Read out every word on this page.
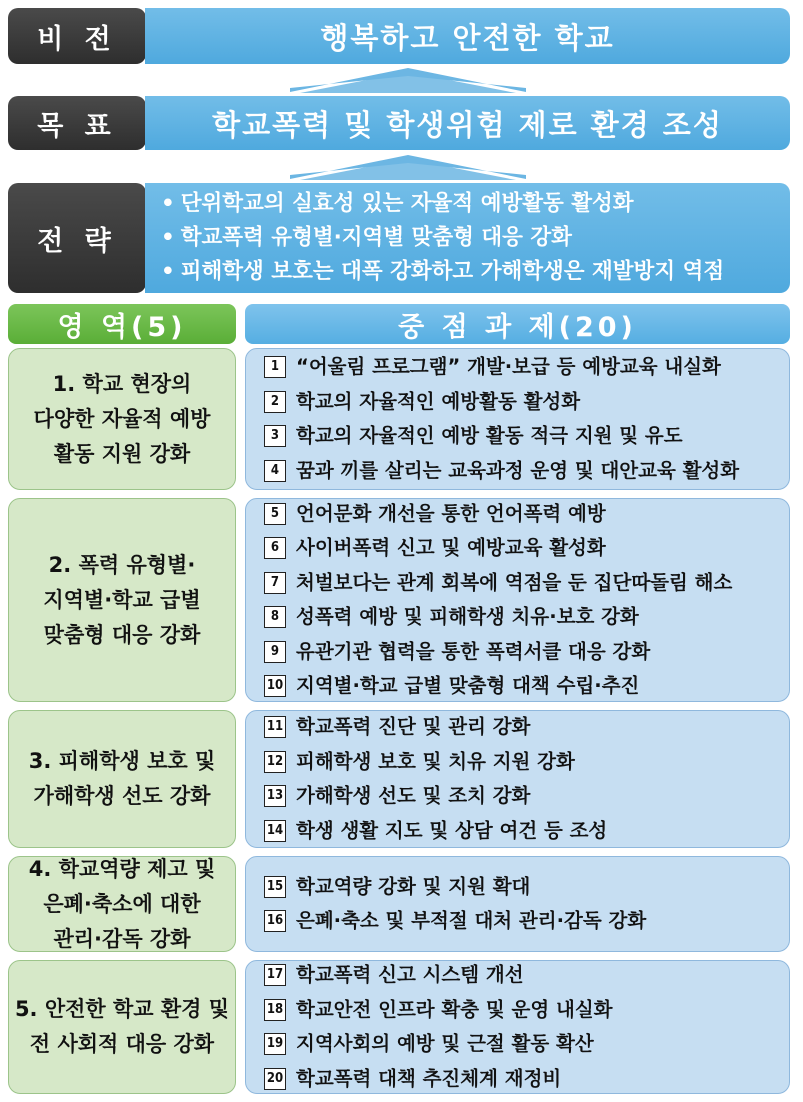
비 전	행복하고 안전한 학교
목 표	학교폭력 및 학생위험 제로 환경 조성
전 략
• 단위학교의 실효성 있는 자율적 예방활동 활성화
• 학교폭력 유형별·지역별 맞춤형 대응 강화
• 피해학생 보호는 대폭 강화하고 가해학생은 재발방지 역점
영 역(5)	중 점 과 제(20)
1. 학교 현장의
다양한 자율적 예방
활동 지원 강화
1 “어울림 프로그램” 개발·보급 등 예방교육 내실화
2 학교의 자율적인 예방활동 활성화
3 학교의 자율적인 예방 활동 적극 지원 및 유도
4 꿈과 끼를 살리는 교육과정 운영 및 대안교육 활성화
2. 폭력 유형별·
지역별·학교 급별
맞춤형 대응 강화
5 언어문화 개선을 통한 언어폭력 예방
6 사이버폭력 신고 및 예방교육 활성화
7 처벌보다는 관계 회복에 역점을 둔 집단따돌림 해소
8 성폭력 예방 및 피해학생 치유·보호 강화
9 유관기관 협력을 통한 폭력서클 대응 강화
10 지역별·학교 급별 맞춤형 대책 수립·추진
3. 피해학생 보호 및
가해학생 선도 강화
11 학교폭력 진단 및 관리 강화
12 피해학생 보호 및 치유 지원 강화
13 가해학생 선도 및 조치 강화
14 학생 생활 지도 및 상담 여건 등 조성
4. 학교역량 제고 및
은폐·축소에 대한
관리·감독 강화
15 학교역량 강화 및 지원 확대
16 은폐·축소 및 부적절 대처 관리·감독 강화
5. 안전한 학교 환경 및
전 사회적 대응 강화
17 학교폭력 신고 시스템 개선
18 학교안전 인프라 확충 및 운영 내실화
19 지역사회의 예방 및 근절 활동 확산
20 학교폭력 대책 추진체계 재정비
